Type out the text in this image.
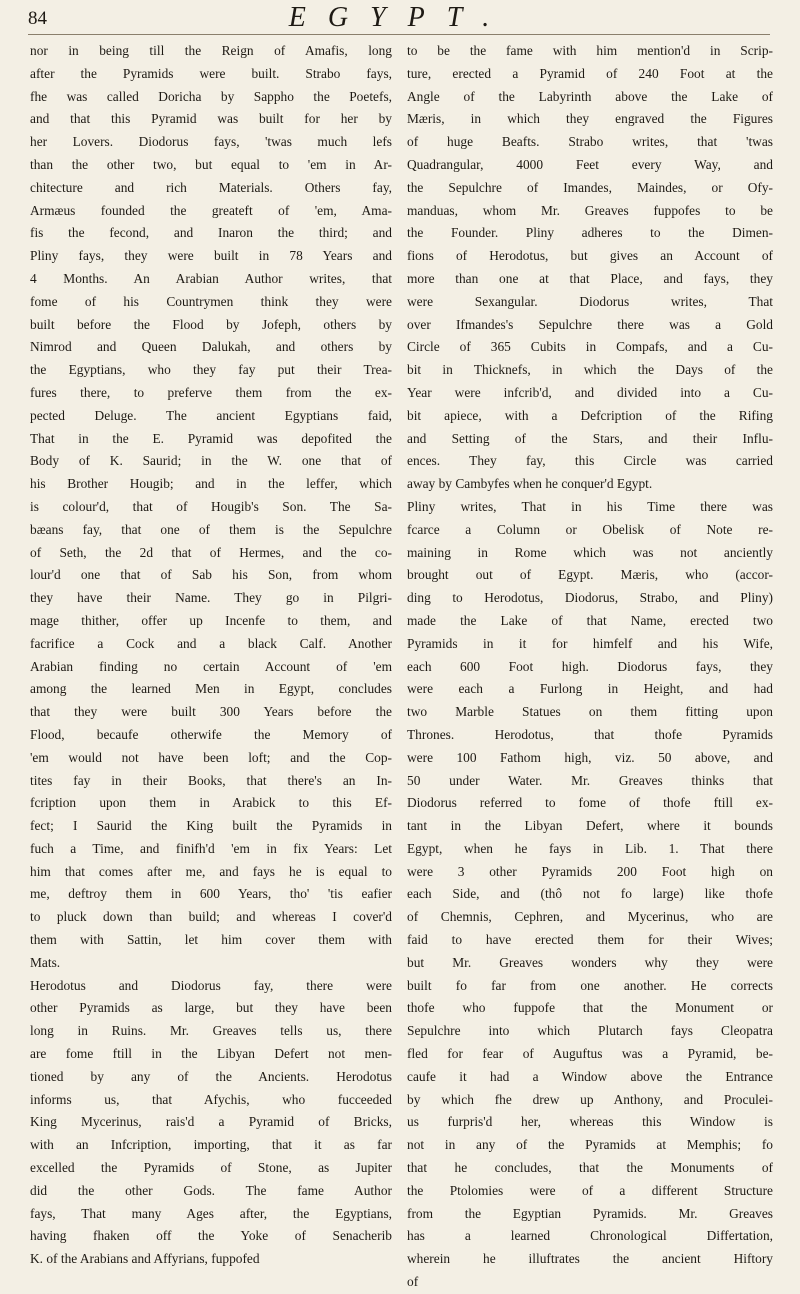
84	EGYPT.
nor in being till the Reign of Amafis, long
after the Pyramids were built. Strabo fays,
fhe was called Doricha by Sappho the Poetefs,
and that this Pyramid was built for her by
her Lovers. Diodorus fays, 'twas much lefs
than the other two, but equal to 'em in Ar-
chitecture and rich Materials. Others fay,
Armæus founded the greateft of 'em, Ama-
fis the fecond, and Inaron the third; and
Pliny fays, they were built in 78 Years and
4 Months. An Arabian Author writes, that
fome of his Countrymen think they were
built before the Flood by Jofeph, others by
Nimrod and Queen Dalukah, and others by
the Egyptians, who they fay put their Trea-
fures there, to preferve them from the ex-
pected Deluge. The ancient Egyptians faid,
That in the E. Pyramid was depofited the
Body of K. Saurid; in the W. one that of
his Brother Hougib; and in the leffer, which
is colour'd, that of Hougib's Son. The Sa-
bæans fay, that one of them is the Sepulchre
of Seth, the 2d that of Hermes, and the co-
lour'd one that of Sab his Son, from whom
they have their Name. They go in Pilgri-
mage thither, offer up Incenfe to them, and
facrifice a Cock and a black Calf. Another
Arabian finding no certain Account of 'em
among the learned Men in Egypt, concludes
that they were built 300 Years before the
Flood, becaufe otherwife the Memory of
'em would not have been loft; and the Cop-
tites fay in their Books, that there's an In-
fcription upon them in Arabick to this Ef-
fect; I Saurid the King built the Pyramids in
fuch a Time, and finifh'd 'em in fix Years: Let
him that comes after me, and fays he is equal to
me, deftroy them in 600 Years, tho' 'tis eafier
to pluck down than build; and whereas I cover'd
them with Sattin, let him cover them with
Mats.
Herodotus and Diodorus fay, there were
other Pyramids as large, but they have been
long in Ruins. Mr. Greaves tells us, there
are fome ftill in the Libyan Defert not men-
tioned by any of the Ancients. Herodotus
informs us, that Afychis, who fucceeded
King Mycerinus, rais'd a Pyramid of Bricks,
with an Infcription, importing, that it as far
excelled the Pyramids of Stone, as Jupiter
did the other Gods. The fame Author
fays, That many Ages after, the Egyptians,
having fhaken off the Yoke of Senacherib
K. of the Arabians and Affyrians, fuppofed
to be the fame with him mention'd in Scrip-
ture, erected a Pyramid of 240 Foot at the
Angle of the Labyrinth above the Lake of
Mæris, in which they engraved the Figures
of huge Beafts. Strabo writes, that 'twas
Quadrangular, 4000 Feet every Way, and
the Sepulchre of Imandes, Maindes, or Ofy-
manduas, whom Mr. Greaves fuppofes to be
the Founder. Pliny adheres to the Dimen-
fions of Herodotus, but gives an Account of
more than one at that Place, and fays, they
were Sexangular. Diodorus writes, That
over Ifmandes's Sepulchre there was a Gold
Circle of 365 Cubits in Compafs, and a Cu-
bit in Thicknefs, in which the Days of the
Year were infcrib'd, and divided into a Cu-
bit apiece, with a Defcription of the Rifing
and Setting of the Stars, and their Influ-
ences. They fay, this Circle was carried
away by Cambyfes when he conquer'd Egypt.
Pliny writes, That in his Time there was
fcarce a Column or Obelisk of Note re-
maining in Rome which was not anciently
brought out of Egypt. Mæris, who (accor-
ding to Herodotus, Diodorus, Strabo, and Pliny)
made the Lake of that Name, erected two
Pyramids in it for himfelf and his Wife,
each 600 Foot high. Diodorus fays, they
were each a Furlong in Height, and had
two Marble Statues on them fitting upon
Thrones. Herodotus, that thofe Pyramids
were 100 Fathom high, viz. 50 above, and
50 under Water. Mr. Greaves thinks that
Diodorus referred to fome of thofe ftill ex-
tant in the Libyan Defert, where it bounds
Egypt, when he fays in Lib. 1. That there
were 3 other Pyramids 200 Foot high on
each Side, and (thô not fo large) like thofe
of Chemnis, Cephren, and Mycerinus, who are
faid to have erected them for their Wives;
but Mr. Greaves wonders why they were
built fo far from one another. He corrects
thofe who fuppofe that the Monument or
Sepulchre into which Plutarch fays Cleopatra
fled for fear of Auguftus was a Pyramid, be-
caufe it had a Window above the Entrance
by which fhe drew up Anthony, and Proculei-
us furpris'd her, whereas this Window is
not in any of the Pyramids at Memphis; fo
that he concludes, that the Monuments of
the Ptolomies were of a different Structure
from the Egyptian Pyramids. Mr. Greaves
has a learned Chronological Differtation,
wherein he illuftrates the ancient Hiftory
of
